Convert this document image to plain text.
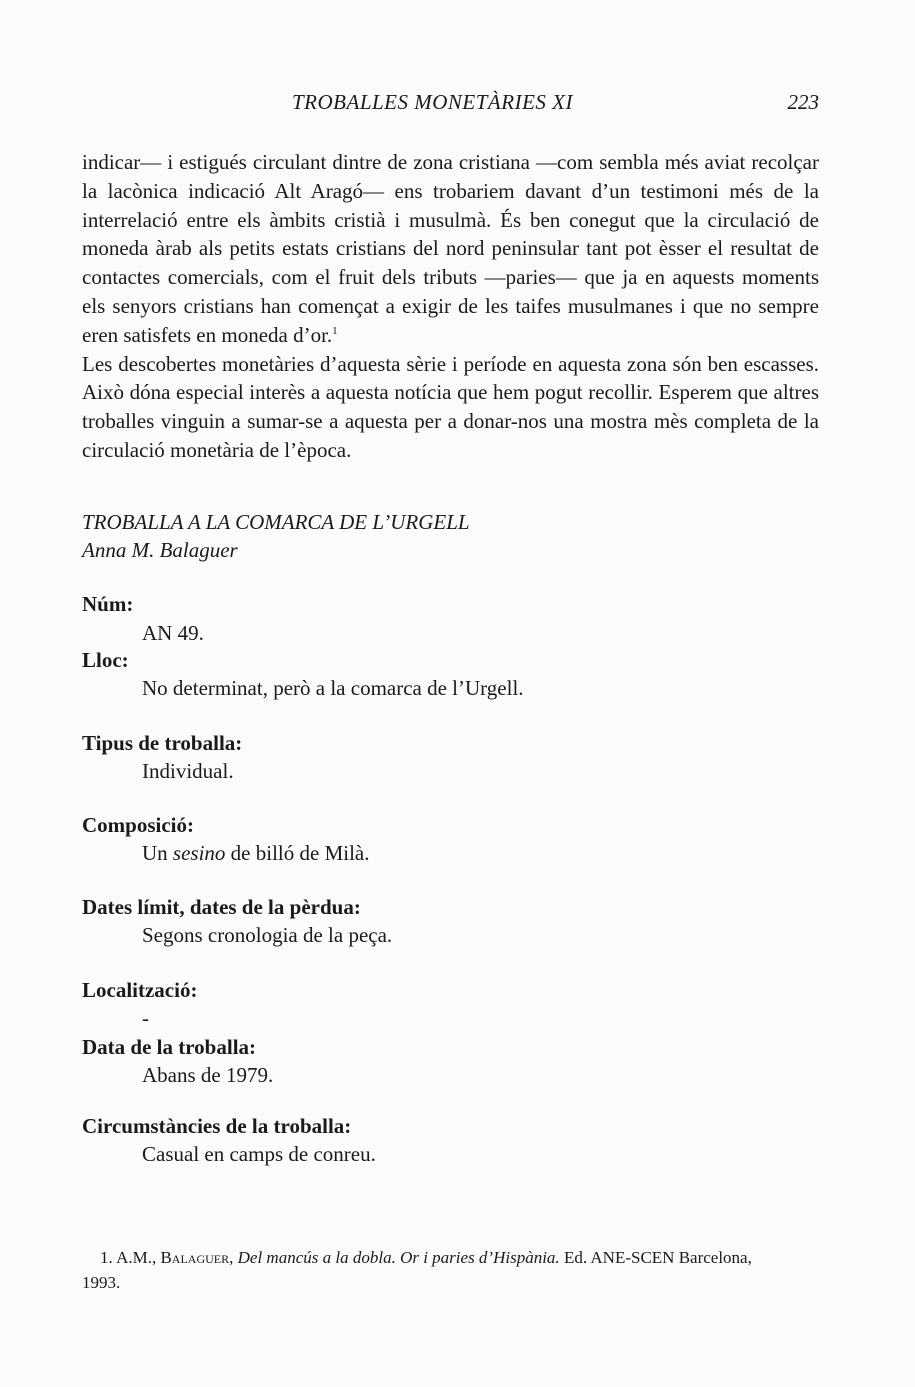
TROBALLES MONETÀRIES XI	223

indicar— i estigués circulant dintre de zona cristiana —com sembla més aviat recolçar la lacònica indicació Alt Aragó— ens trobariem davant d’un testimoni més de la interrelació entre els àmbits cristià i musulmà. És ben conegut que la circulació de moneda àrab als petits estats cristians del nord peninsular tant pot èsser el resultat de contactes comercials, com el fruit dels tributs —paries— que ja en aquests moments els senyors cristians han començat a exigir de les taifes musulmanes i que no sempre eren satisfets en moneda d’or.$^1$

Les descobertes monetàries d’aquesta sèrie i període en aquesta zona són ben escasses. Això dóna especial interès a aquesta notícia que hem pogut recollir. Esperem que altres troballes vinguin a sumar-se a aquesta per a donar-nos una mostra mès completa de la circulació monetària de l’època.

TROBALLA A LA COMARCA DE L’URGELL
Anna M. Balaguer
Núm:
AN 49.
Lloc:
No determinat, però a la comarca de l’Urgell.
Tipus de troballa:
Individual.
Composició:
Un sesino de billó de Milà.
Dates límit, dates de la pèrdua:
Segons cronologia de la peça.
Localització:
-
Data de la troballa:
Abans de 1979.
Circumstàncies de la troballa:
Casual en camps de conreu.
1. A.M., Balaguer, Del mancús a la dobla. Or i paries d’Hispània. Ed. ANE-SCEN Barcelona,
1993.
